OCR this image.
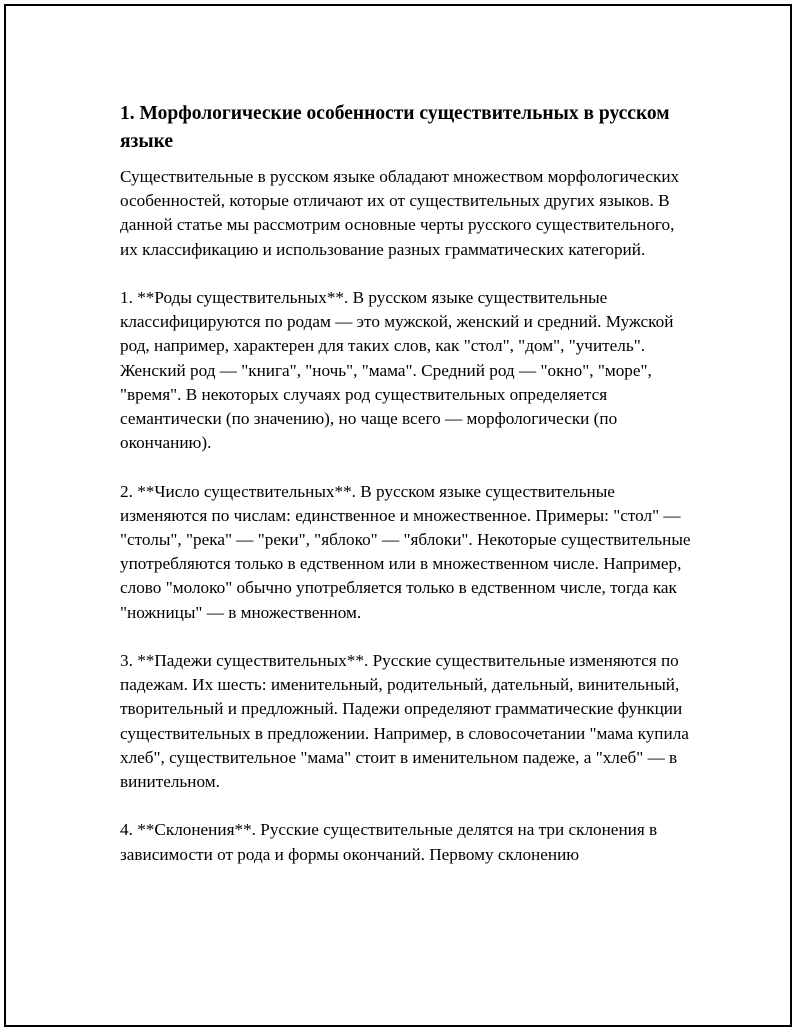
1. Морфологические особенности существительных в русском языке

Существительные в русском языке обладают множеством морфологических особенностей, которые отличают их от существительных других языков. В данной статье мы рассмотрим основные черты русского существительного, их классификацию и использование разных грамматических категорий.

1. **Роды существительных**. В русском языке существительные классифицируются по родам — это мужской, женский и средний. Мужской род, например, характерен для таких слов, как "стол", "дом", "учитель". Женский род — "книга", "ночь", "мама". Средний род — "окно", "море", "время". В некоторых случаях род существительных определяется семантически (по значению), но чаще всего — морфологически (по окончанию).

2. **Число существительных**. В русском языке существительные изменяются по числам: единственное и множественное. Примеры: "стол" — "столы", "река" — "реки", "яблоко" — "яблоки". Некоторые существительные употребляются только в едственном или в множественном числе. Например, слово "молоко" обычно употребляется только в едственном числе, тогда как "ножницы" — в множественном.

3. **Падежи существительных**. Русские существительные изменяются по падежам. Их шесть: именительный, родительный, дательный, винительный, творительный и предложный. Падежи определяют грамматические функции существительных в предложении. Например, в словосочетании "мама купила хлеб", существительное "мама" стоит в именительном падеже, а "хлеб" — в винительном.

4. **Склонения**. Русские существительные делятся на три склонения в зависимости от рода и формы окончаний. Первому склонению
